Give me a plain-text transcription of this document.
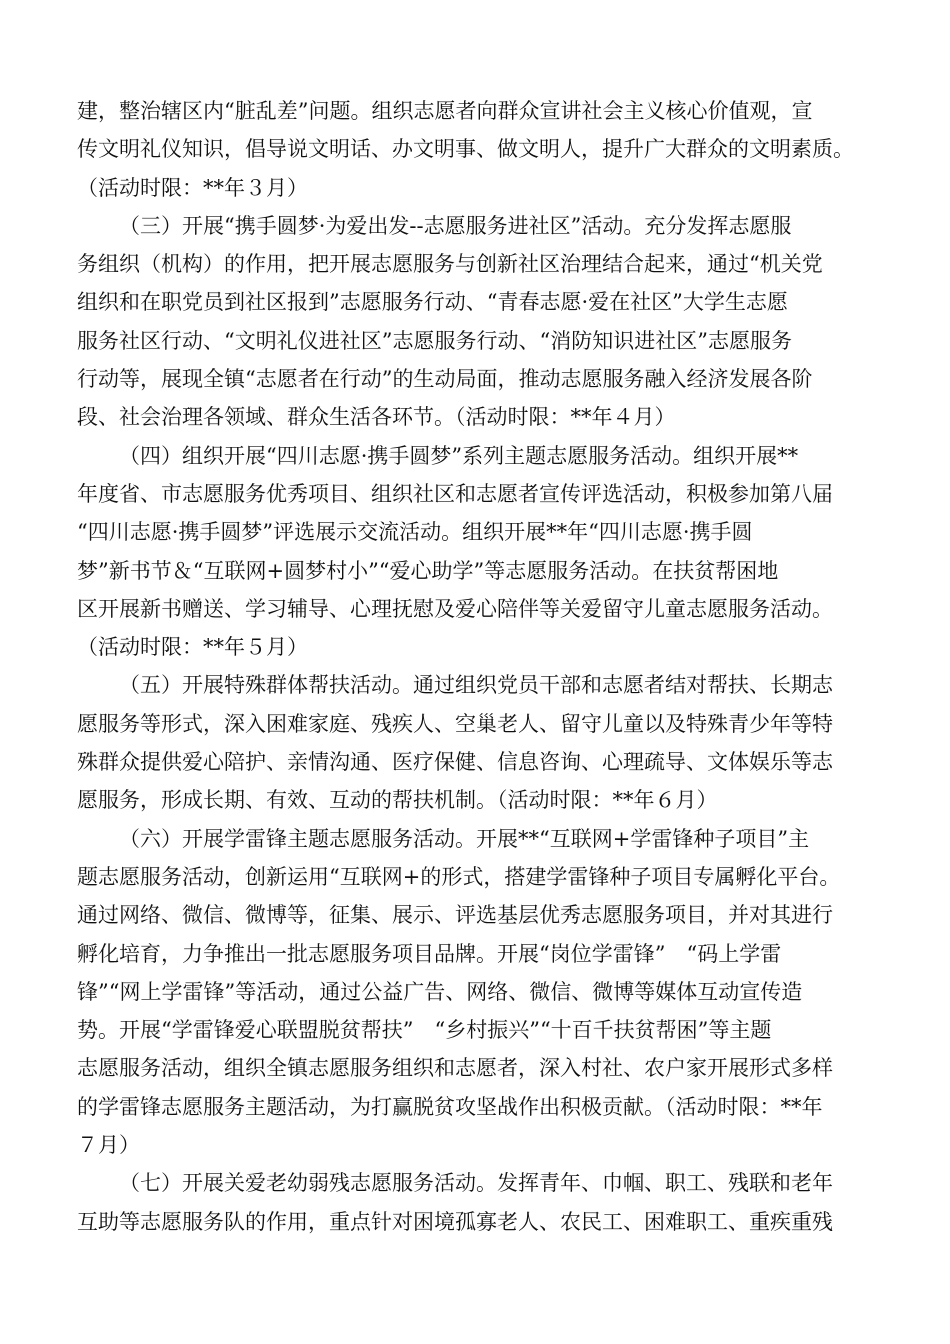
建，整治辖区内“脏乱差”问题。组织志愿者向群众宣讲社会主义核心价值观，宣
传文明礼仪知识，倡导说文明话、办文明事、做文明人，提升广大群众的文明素质。
（活动时限：**年３月）
（三）开展“携手圆梦·为爱出发--志愿服务进社区”活动。充分发挥志愿服
务组织（机构）的作用，把开展志愿服务与创新社区治理结合起来，通过“机关党
组织和在职党员到社区报到”志愿服务行动、“青春志愿·爱在社区”大学生志愿
服务社区行动、“文明礼仪进社区”志愿服务行动、“消防知识进社区”志愿服务
行动等，展现全镇“志愿者在行动”的生动局面，推动志愿服务融入经济发展各阶
段、社会治理各领域、群众生活各环节。（活动时限：**年４月）
（四）组织开展“四川志愿·携手圆梦”系列主题志愿服务活动。组织开展**
年度省、市志愿服务优秀项目、组织社区和志愿者宣传评选活动，积极参加第八届
“四川志愿·携手圆梦”评选展示交流活动。组织开展**年“四川志愿·携手圆
梦”新书节＆“互联网+圆梦村小”“爱心助学”等志愿服务活动。在扶贫帮困地
区开展新书赠送、学习辅导、心理抚慰及爱心陪伴等关爱留守儿童志愿服务活动。
（活动时限：**年５月）
（五）开展特殊群体帮扶活动。通过组织党员干部和志愿者结对帮扶、长期志
愿服务等形式，深入困难家庭、残疾人、空巢老人、留守儿童以及特殊青少年等特
殊群众提供爱心陪护、亲情沟通、医疗保健、信息咨询、心理疏导、文体娱乐等志
愿服务，形成长期、有效、互动的帮扶机制。（活动时限：**年６月）
（六）开展学雷锋主题志愿服务活动。开展**“互联网+学雷锋种子项目”主
题志愿服务活动，创新运用“互联网+的形式，搭建学雷锋种子项目专属孵化平台。
通过网络、微信、微博等，征集、展示、评选基层优秀志愿服务项目，并对其进行
孵化培育，力争推出一批志愿服务项目品牌。开展“岗位学雷锋”　“码上学雷
锋”“网上学雷锋”等活动，通过公益广告、网络、微信、微博等媒体互动宣传造
势。开展“学雷锋爱心联盟脱贫帮扶”　“乡村振兴”“十百千扶贫帮困”等主题
志愿服务活动，组织全镇志愿服务组织和志愿者，深入村社、农户家开展形式多样
的学雷锋志愿服务主题活动，为打赢脱贫攻坚战作出积极贡献。（活动时限：**年
７月）
（七）开展关爱老幼弱残志愿服务活动。发挥青年、巾帼、职工、残联和老年
互助等志愿服务队的作用，重点针对困境孤寡老人、农民工、困难职工、重疾重残
